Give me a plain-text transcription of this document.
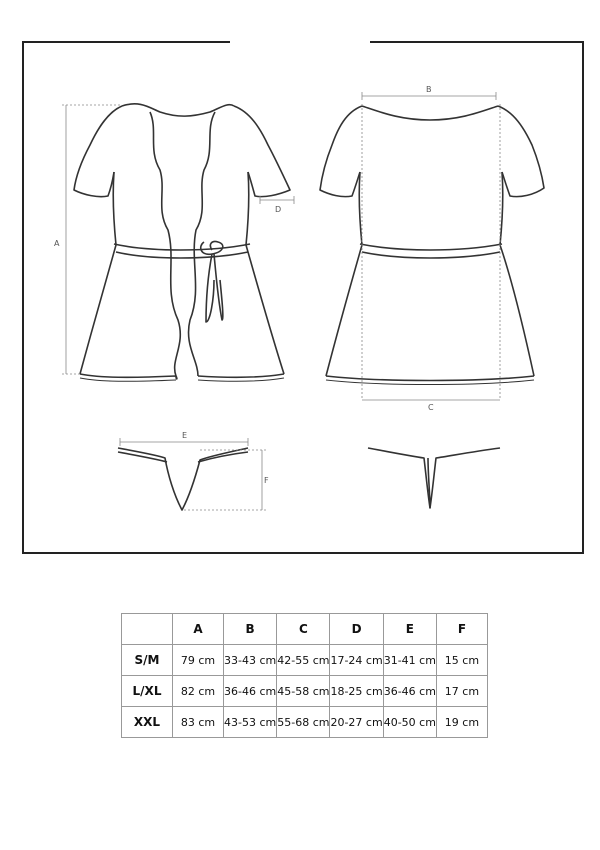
A
D
B
C
E
F
	A	B	C	D	E	F
S/M	79 cm	33-43 cm	42-55 cm	17-24 cm	31-41 cm	15 cm
L/XL	82 cm	36-46 cm	45-58 cm	18-25 cm	36-46 cm	17 cm
XXL	83 cm	43-53 cm	55-68 cm	20-27 cm	40-50 cm	19 cm
